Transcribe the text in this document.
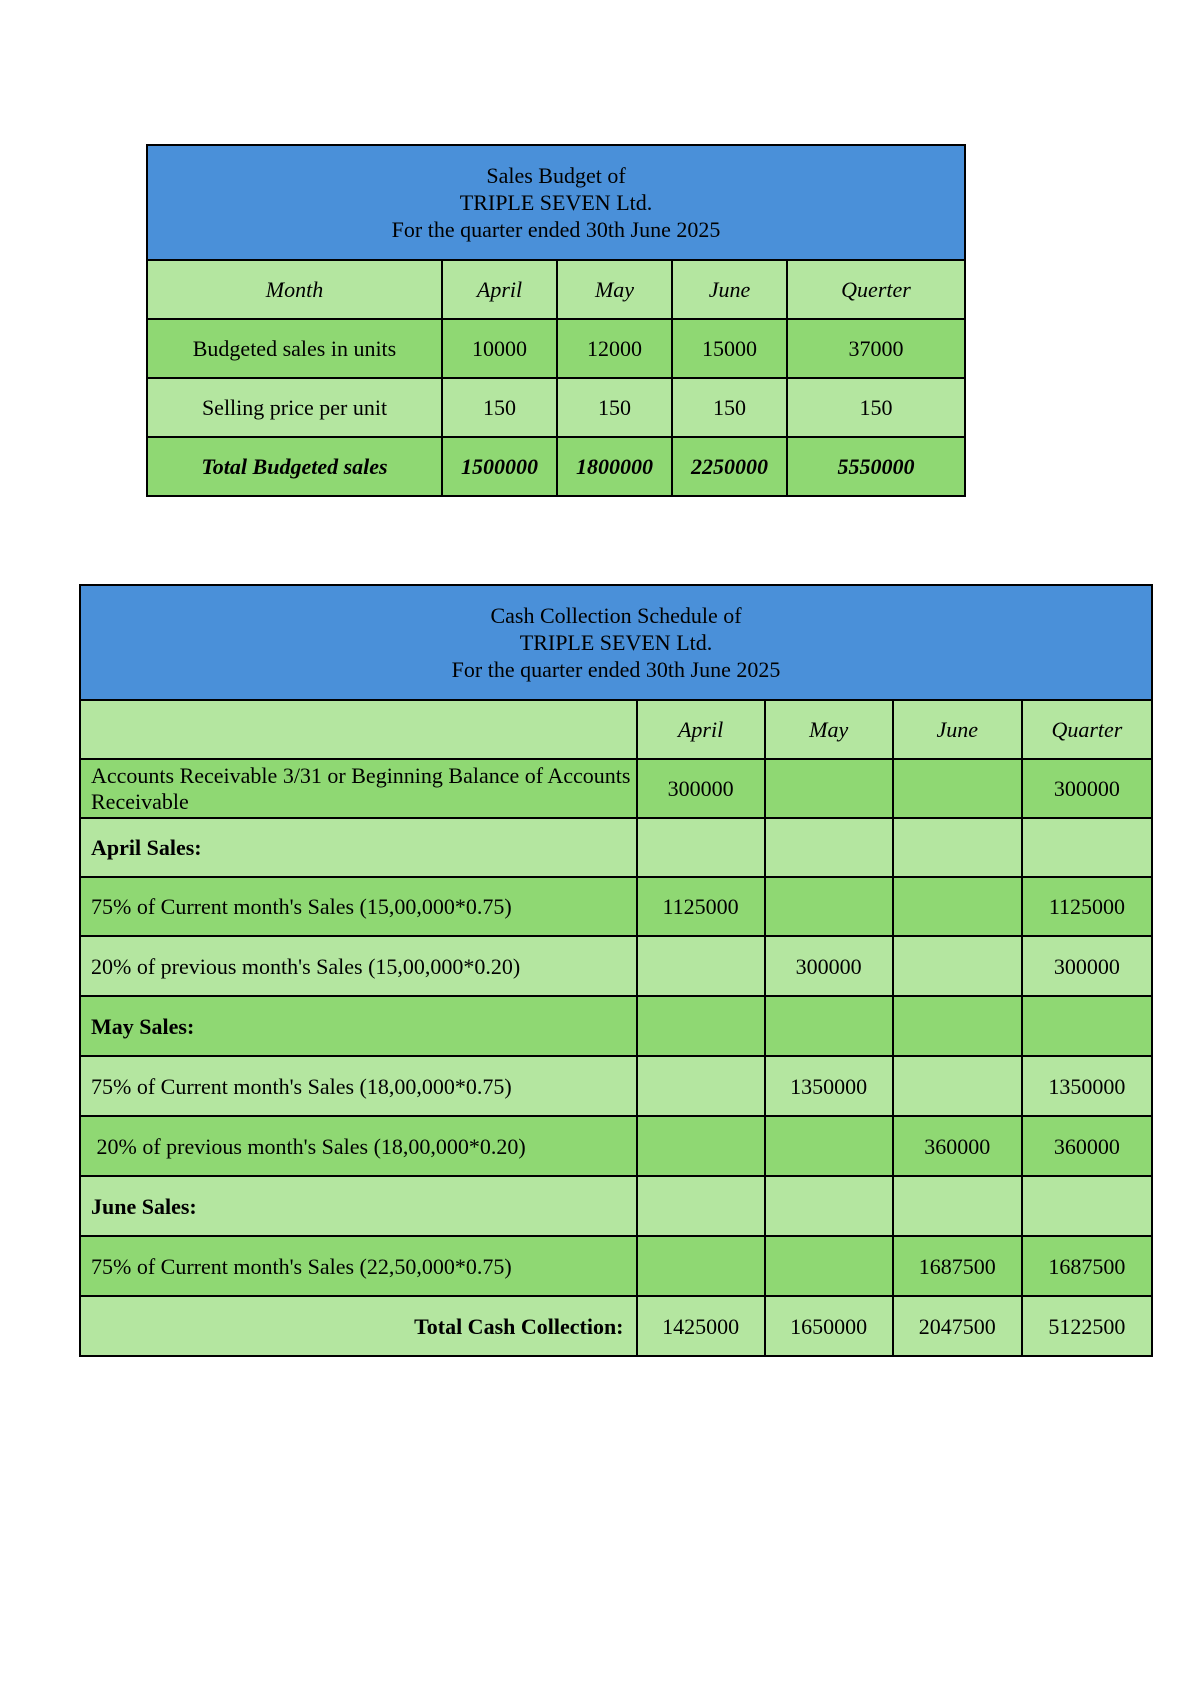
Sales Budget of
TRIPLE SEVEN Ltd.
For the quarter ended 30th June 2025				

Month	April	May	June	Querter
Budgeted sales in units	10000	12000	15000	37000
Selling price per unit	150	150	150	150
Total Budgeted sales	1500000	1800000	2250000	5550000
Cash Collection Schedule of
TRIPLE SEVEN Ltd.
For the quarter ended 30th June 2025				

	April	May	June	Quarter
Accounts Receivable 3/31 or Beginning Balance of Accounts Receivable	300000			300000
April Sales:				
75% of Current month's Sales (15,00,000*0.75)	1125000			1125000
20% of previous month's Sales (15,00,000*0.20)		300000		300000
May Sales:				
75% of Current month's Sales (18,00,000*0.75)		1350000		1350000
20% of previous month's Sales (18,00,000*0.20)			360000	360000
June Sales:				
75% of Current month's Sales (22,50,000*0.75)			1687500	1687500
Total Cash Collection:	1425000	1650000	2047500	5122500
